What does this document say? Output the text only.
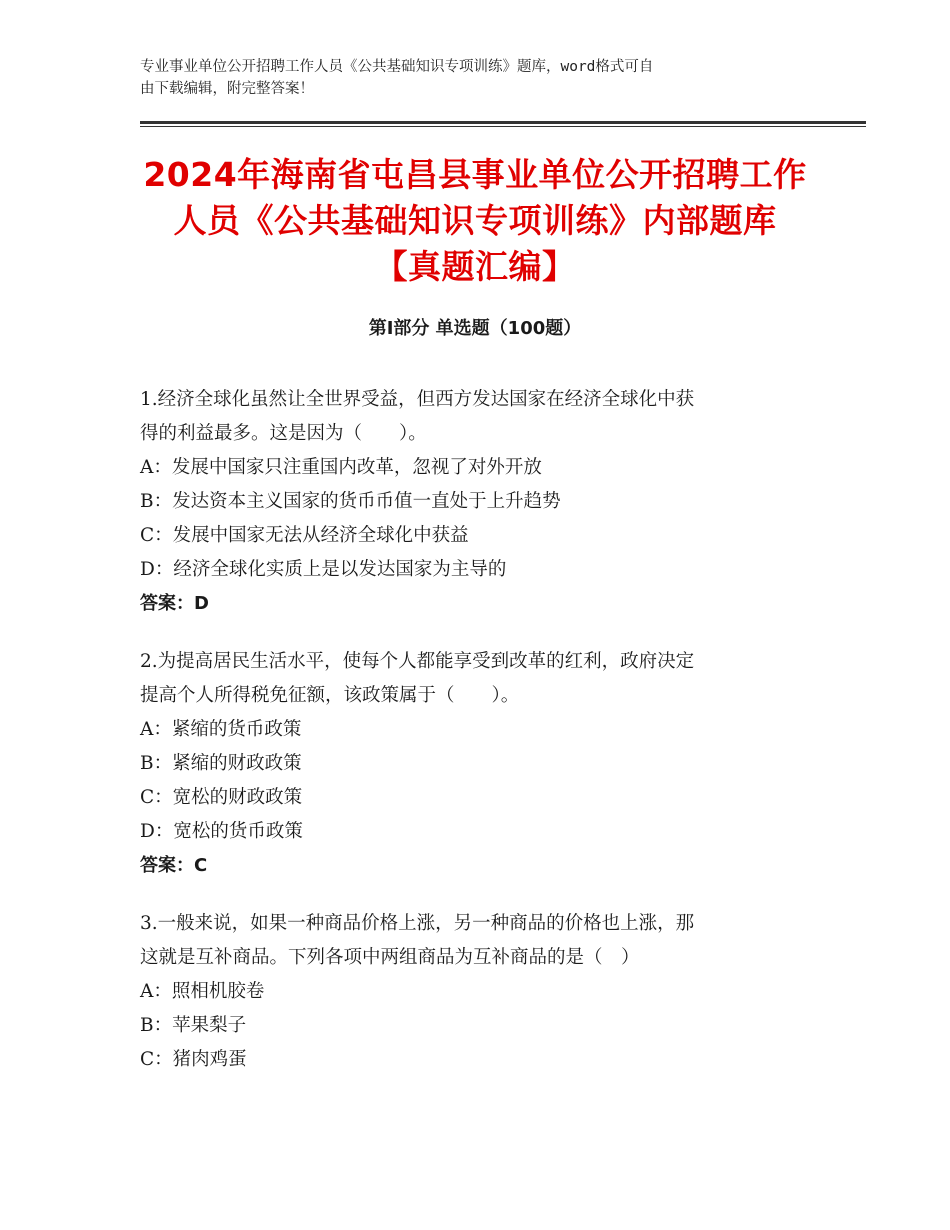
专业事业单位公开招聘工作人员《公共基础知识专项训练》题库，word格式可自
由下载编辑，附完整答案！
2024年海南省屯昌县事业单位公开招聘工作
人员《公共基础知识专项训练》内部题库
【真题汇编】
第Ⅰ部分 单选题（100题）
1.经济全球化虽然让全世界受益，但西方发达国家在经济全球化中获
得的利益最多。这是因为（　　）。
A：发展中国家只注重国内改革，忽视了对外开放
B：发达资本主义国家的货币币值一直处于上升趋势
C：发展中国家无法从经济全球化中获益
D：经济全球化实质上是以发达国家为主导的
答案：D
2.为提高居民生活水平，使每个人都能享受到改革的红利，政府决定
提高个人所得税免征额，该政策属于（　　）。
A：紧缩的货币政策
B：紧缩的财政政策
C：宽松的财政政策
D：宽松的货币政策
答案：C
3.一般来说，如果一种商品价格上涨，另一种商品的价格也上涨，那
这就是互补商品。下列各项中两组商品为互补商品的是（　）
A：照相机胶卷
B：苹果梨子
C：猪肉鸡蛋
